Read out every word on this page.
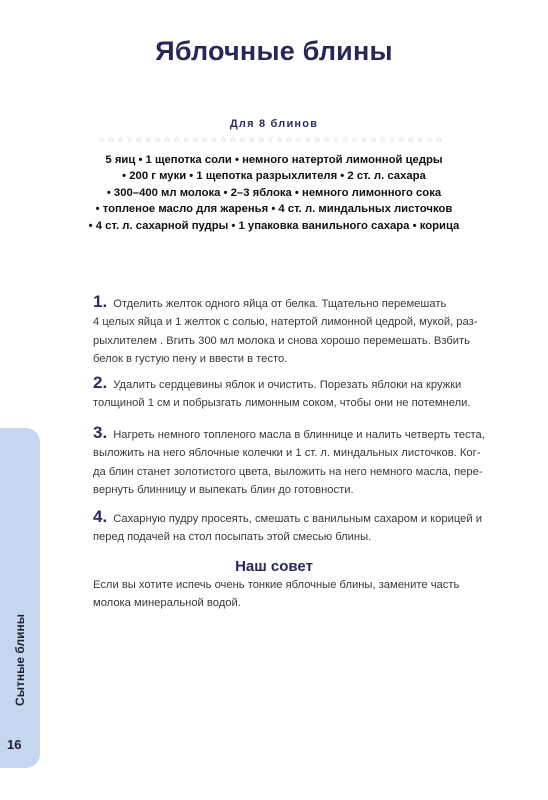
Яблочные блины
Для 8 блинов
☆☆☆☆☆☆☆☆☆☆☆☆☆☆☆☆☆☆☆☆☆☆☆☆☆☆☆☆☆☆☆☆☆☆☆☆☆
5 яиц • 1 щепотка соли • немного натертой лимонной цедры
• 200 г муки • 1 щепотка разрыхлителя • 2 ст. л. сахара
• 300–400 мл молока • 2–3 яблока • немного лимонного сока
• топленое масло для жаренья • 4 ст. л. миндальных листочков
• 4 ст. л. сахарной пудры • 1 упаковка ванильного сахара • корица
1. Отделить желток одного яйца от белка. Тщательно перемешать
4 целых яйца и 1 желток с солью, натертой лимонной цедрой, мукой, раз-
рыхлителем . Вгить 300 мл молока и снова хорошо перемешать. Взбить
белок в густую пену и ввести в тесто.
2. Удалить сердцевины яблок и очистить. Порезать яблоки на кружки
толщиной 1 см и побрызгать лимонным соком, чтобы они не потемнели.
3. Нагреть немного топленого масла в блиннице и налить четверть теста,
выложить на него яблочные колечки и 1 ст. л. миндальных листочков. Ког-
да блин станет золотистого цвета, выложить на него немного масла, пере-
вернуть блинницу и выпекать блин до готовности.
4. Сахарную пудру просеять, смешать с ванильным сахаром и корицей и
перед подачей на стол посыпать этой смесью блины.
Наш совет
Если вы хотите испечь очень тонкие яблочные блины, замените часть
молока минеральной водой.
Сытные блины
16
